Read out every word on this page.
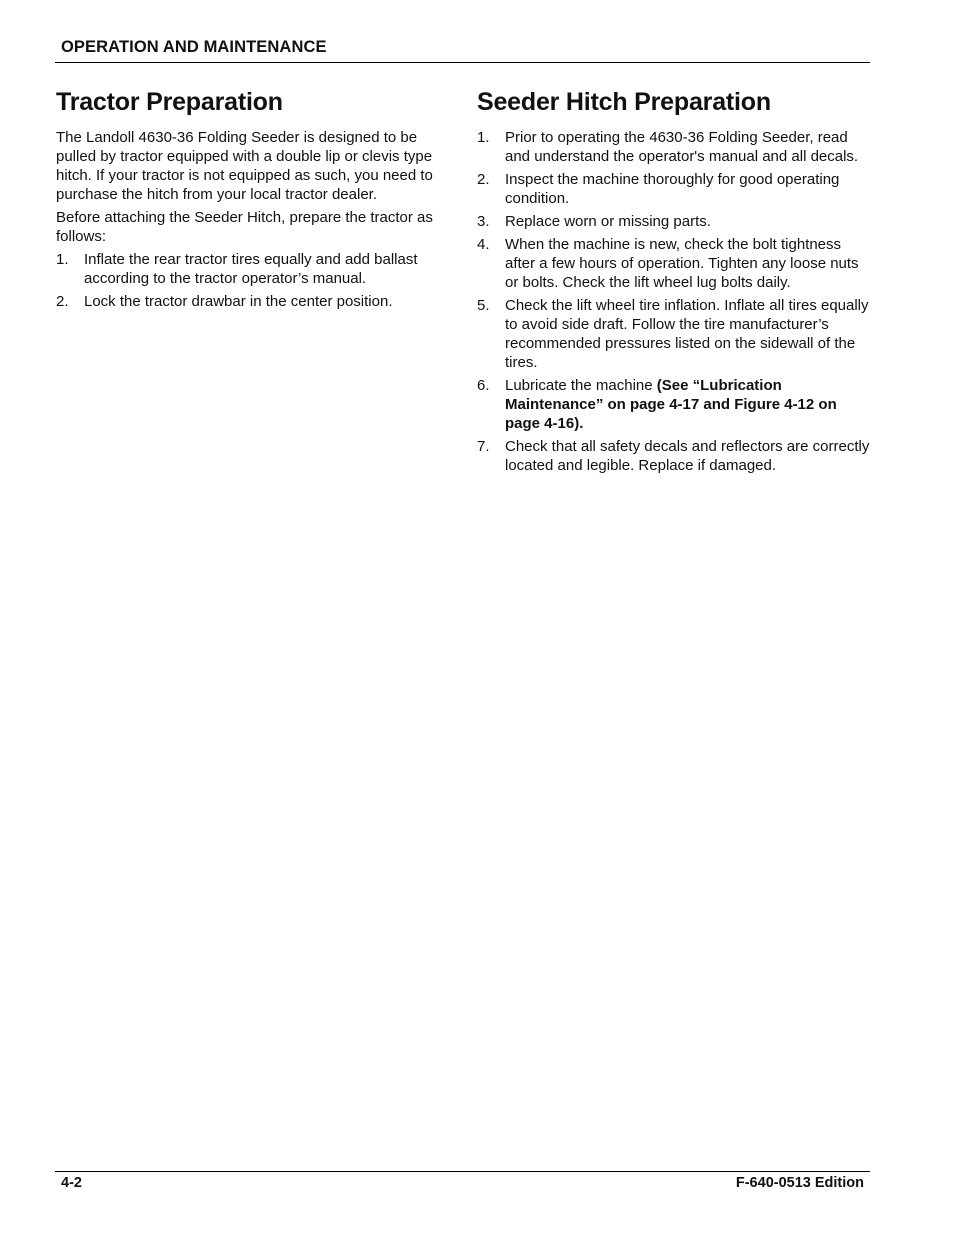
OPERATION AND MAINTENANCE
Tractor Preparation

The Landoll 4630-36 Folding Seeder is designed to be pulled by tractor equipped with a double lip or clevis type hitch. If your tractor is not equipped as such, you need to purchase the hitch from your local tractor dealer.

Before attaching the Seeder Hitch, prepare the tractor as follows:

1. Inflate the rear tractor tires equally and add ballast according to the tractor operator’s manual.
2. Lock the tractor drawbar in the center position.
Seeder Hitch Preparation
1. Prior to operating the 4630-36 Folding Seeder, read and understand the operator's manual and all decals.
2. Inspect the machine thoroughly for good operating condition.
3. Replace worn or missing parts.
4. When the machine is new, check the bolt tightness after a few hours of operation. Tighten any loose nuts or bolts. Check the lift wheel lug bolts daily.
5. Check the lift wheel tire inflation. Inflate all tires equally to avoid side draft. Follow the tire manufacturer’s recommended pressures listed on the sidewall of the tires.
6. Lubricate the machine (See “Lubrication Maintenance” on page 4-17 and Figure 4-12 on page 4-16).
7. Check that all safety decals and reflectors are correctly located and legible. Replace if damaged.
4-2	F-640-0513 Edition
